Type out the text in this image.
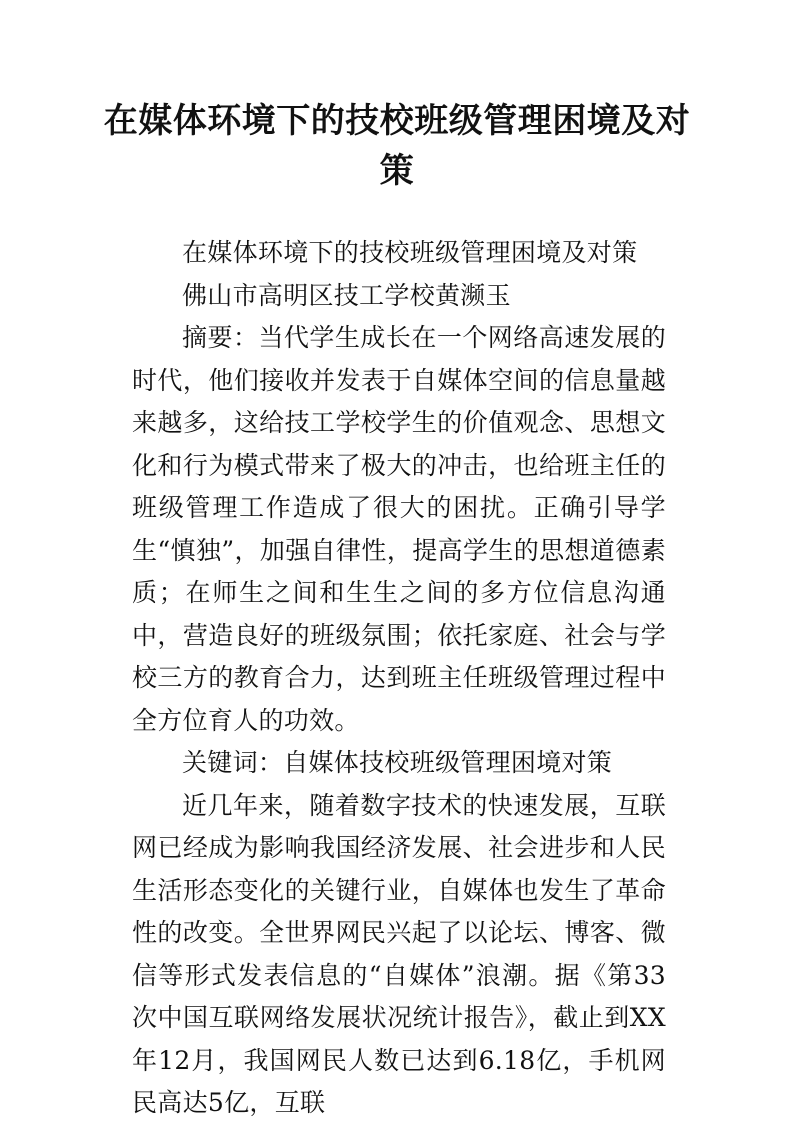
在媒体环境下的技校班级管理困境及对策

在媒体环境下的技校班级管理困境及对策

佛山市高明区技工学校黄濒玉

摘要：当代学生成长在一个网络高速发展的时代，他们接收并发表于自媒体空间的信息量越来越多，这给技工学校学生的价值观念、思想文化和行为模式带来了极大的冲击，也给班主任的班级管理工作造成了很大的困扰。正确引导学生“慎独”，加强自律性，提高学生的思想道德素质；在师生之间和生生之间的多方位信息沟通中，营造良好的班级氛围；依托家庭、社会与学校三方的教育合力，达到班主任班级管理过程中全方位育人的功效。

关键词：自媒体技校班级管理困境对策

近几年来，随着数字技术的快速发展，互联网已经成为影响我国经济发展、社会进步和人民生活形态变化的关键行业，自媒体也发生了革命性的改变。全世界网民兴起了以论坛、博客、微信等形式发表信息的“自媒体”浪潮。据《第33次中国互联网络发展状况统计报告》，截止到XX年12月，我国网民人数已达到6.18亿，手机网民高达5亿，互联
